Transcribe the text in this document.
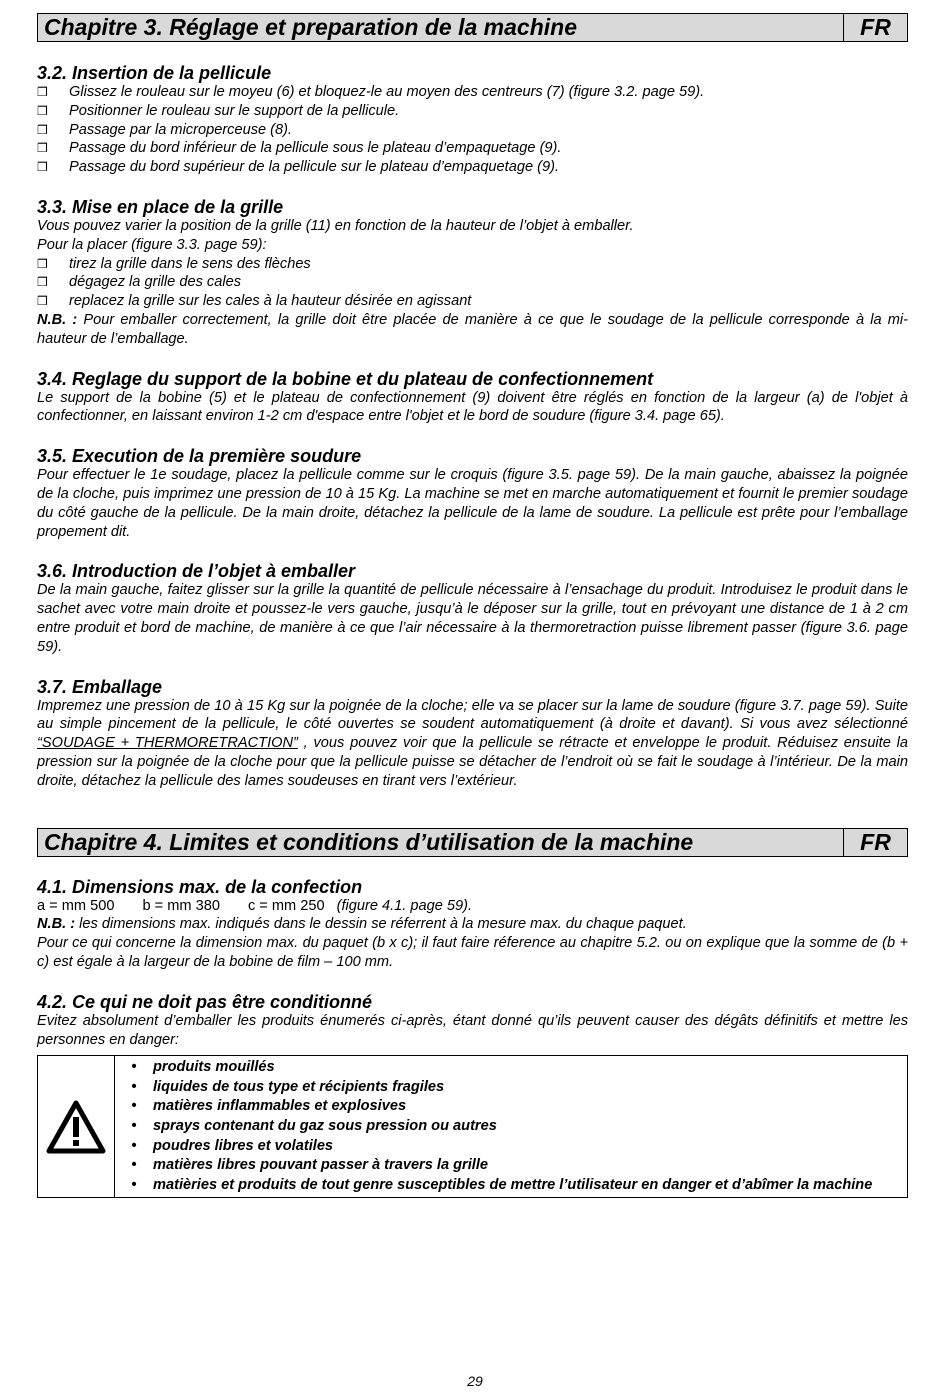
Chapitre 3. Réglage et preparation de la machine	FR
3.2. Insertion de la pellicule
❒
Glissez le rouleau sur le moyeu (6) et bloquez-le au moyen des centreurs (7) (figure 3.2. page 59).
❒
Positionner le rouleau sur le support de la pellicule.
❒
Passage par la microperceuse (8).
❒
Passage du bord inférieur de la pellicule sous le plateau d’empaquetage (9).
❒
Passage du bord supérieur de la pellicule sur le plateau d’empaquetage (9).
3.3. Mise en place de la grille

Vous pouvez varier la position de la grille (11) en fonction de la hauteur de l’objet à emballer.

Pour la placer (figure 3.3. page 59):

❒
tirez la grille dans le sens des flèches
❒
dégagez la grille des cales
❒
replacez la grille sur les cales à la hauteur désirée en agissant

N.B. : Pour emballer correctement, la grille doit être placée de manière à ce que le soudage de la pellicule corresponde à la mi-hauteur de l’emballage.

3.4. Reglage du support de la bobine et du plateau de confectionnement

Le support de la bobine (5) et le plateau de confectionnement (9) doivent être réglés en fonction de la largeur (a) de l'objet à confectionner, en laissant environ 1-2 cm d'espace entre l'objet et le bord de soudure (figure 3.4. page 65).

3.5. Execution de la première soudure

Pour effectuer le 1e soudage, placez la pellicule comme sur le croquis (figure 3.5. page 59). De la main gauche, abaissez la poignée de la cloche, puis imprimez une pression de 10 à 15 Kg. La machine se met en marche automatiquement et fournit le premier soudage du côté gauche de la pellicule. De la main droite, détachez la pellicule de la lame de soudure. La pellicule est prête pour l’emballage propement dit.

3.6. Introduction de l’objet à emballer

De la main gauche, faitez glisser sur la grille la quantité de pellicule nécessaire à l’ensachage du produit. Introduisez le produit dans le sachet avec votre main droite et poussez-le vers gauche, jusqu’à le déposer sur la grille, tout en prévoyant une distance de 1 à 2 cm entre produit et bord de machine, de manière à ce que l’air nécessaire à la thermoretraction puisse librement passer (figure 3.6. page 59).

3.7. Emballage

Impremez une pression de 10 à 15 Kg sur la poignée de la cloche; elle va se placer sur la lame de soudure (figure 3.7. page 59). Suite au simple pincement de la pellicule, le côté ouvertes se soudent automatiquement (à droite et davant). Si vous avez sélectionné “SOUDAGE + THERMORETRACTION” , vous pouvez voir que la pellicule se rétracte et enveloppe le produit. Réduisez ensuite la pression sur la poignée de la cloche pour que la pellicule puisse se détacher de l’endroit où se fait le soudage à l’intérieur. De la main droite, détachez la pellicule des lames soudeuses en tirant vers l’extérieur.

Chapitre 4. Limites et conditions d’utilisation de la machine	FR
4.1. Dimensions max. de la confection

a = mm 500 b = mm 380 c = mm 250 (figure 4.1. page 59).

N.B. : les dimensions max. indiqués dans le dessin se réferrent à la mesure max. du chaque paquet.

Pour ce qui concerne la dimension max. du paquet (b x c); il faut faire réference au chapitre 5.2. ou on explique que la somme de (b + c) est égale à la largeur de la bobine de film – 100 mm.

4.2. Ce qui ne doit pas être conditionné

Evitez absolument d’emballer les produits énumerés ci-après, étant donné qu’ils peuvent causer des dégâts définitifs et mettre les personnes en danger:

•	produits mouillés
•	liquides de tous type et récipients fragiles
•	matières inflammables et explosives
•	sprays contenant du gaz sous pression ou autres
•	poudres libres et volatiles
•	matières libres pouvant passer à travers la grille
•	matièries et produits de tout genre susceptibles de mettre l’utilisateur en danger et d’abîmer la machine
29
